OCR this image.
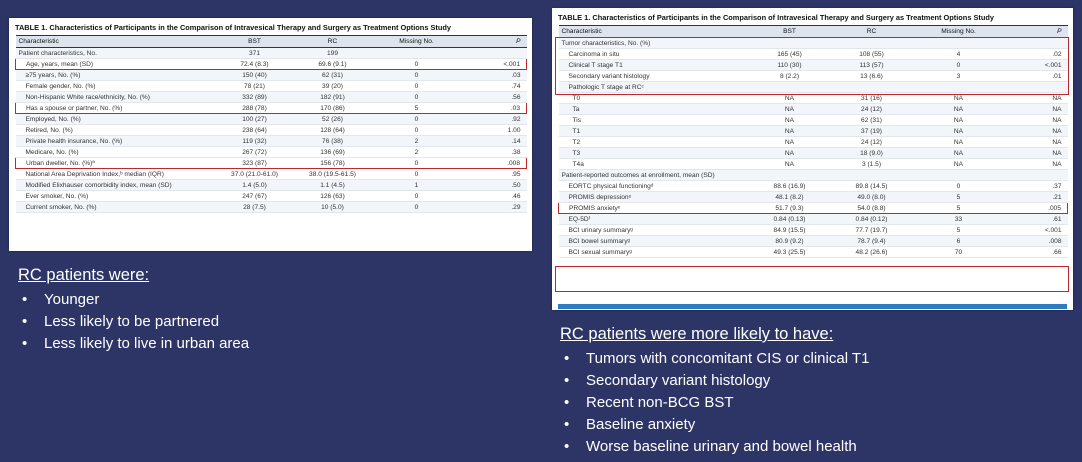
TABLE 1. Characteristics of Participants in the Comparison of Intravesical Therapy and Surgery as Treatment Options Study
Characteristic	BST	RC	Missing No.	P
Patient characteristics, No.	371	199		
Age, years, mean (SD)	72.4 (8.3)	69.6 (9.1)	0	<.001
≥75 years, No. (%)	150 (40)	62 (31)	0	.03
Female gender, No. (%)	78 (21)	39 (20)	0	.74
Non-Hispanic White race/ethnicity, No. (%)	332 (89)	182 (91)	0	.56
Has a spouse or partner, No. (%)	288 (78)	170 (86)	5	.03
Employed, No. (%)	100 (27)	52 (26)	0	.92
Retired, No. (%)	238 (64)	128 (64)	0	1.00
Private health insurance, No. (%)	119 (32)	76 (38)	2	.14
Medicare, No. (%)	267 (72)	136 (69)	2	.38
Urban dweller, No. (%)ª	323 (87)	156 (78)	0	.008
National Area Deprivation Index,ᵇ median (IQR)	37.0 (21.0-61.0)	38.0 (19.5-61.5)	0	.95
Modified Elixhauser comorbidity index, mean (SD)	1.4 (5.0)	1.1 (4.5)	1	.50
Ever smoker, No. (%)	247 (67)	126 (63)	0	.46
Current smoker, No. (%)	28 (7.5)	10 (5.0)	0	.29
TABLE 1. Characteristics of Participants in the Comparison of Intravesical Therapy and Surgery as Treatment Options Study
Characteristic	BST	RC	Missing No.	P
Tumor characteristics, No. (%)				
Carcinoma in situ	165 (45)	108 (55)	4	.02
Clinical T stage T1	110 (30)	113 (57)	0	<.001
Secondary variant histology	8 (2.2)	13 (6.6)	3	.01
Pathologic T stage at RCᶜ				
T0	NA	31 (16)	NA	NA
Ta	NA	24 (12)	NA	NA
Tis	NA	62 (31)	NA	NA
T1	NA	37 (19)	NA	NA
T2	NA	24 (12)	NA	NA
T3	NA	18 (9.0)	NA	NA
T4a	NA	3 (1.5)	NA	NA
Patient-reported outcomes at enrollment, mean (SD)				
EORTC physical functioningᵈ	88.6 (16.9)	89.8 (14.5)	0	.37
PROMIS depressionᵉ	48.1 (8.2)	49.0 (8.0)	5	.21
PROMIS anxietyᵉ	51.7 (9.3)	54.0 (8.8)	5	.005
EQ-5Dᶠ	0.84 (0.13)	0.84 (0.12)	33	.61
BCI urinary summaryᵍ	84.9 (15.5)	77.7 (19.7)	5	<.001
BCI bowel summaryᵍ	80.9 (9.2)	78.7 (9.4)	6	.008
BCI sexual summaryᵍ	49.3 (25.5)	48.2 (26.6)	70	.66
RC patients were:
• Younger
• Less likely to be partnered
• Less likely to live in urban area
RC patients were more likely to have:
• Tumors with concomitant CIS or clinical T1
• Secondary variant histology
• Recent non-BCG BST
• Baseline anxiety
• Worse baseline urinary and bowel health
